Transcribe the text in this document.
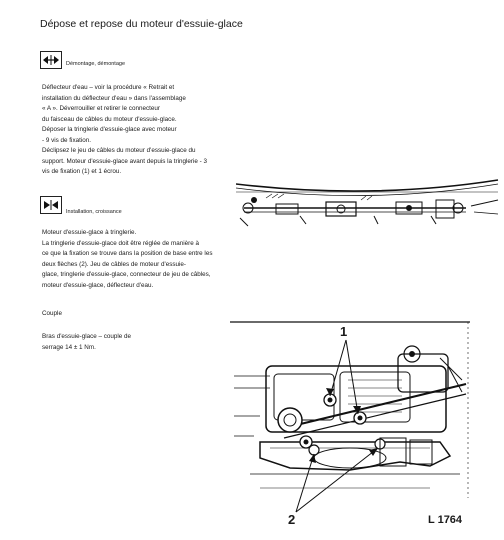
Dépose et repose du moteur d'essuie-glace
Démontage, démontage
Déflecteur d'eau – voir la procédure « Retrait et
installation du déflecteur d'eau » dans l'assemblage
« A ». Déverrouiller et retirer le connecteur
du faisceau de câbles du moteur d'essuie-glace.
Déposer la tringlerie d'essuie-glace avec moteur
- 9 vis de fixation.
Déclipsez le jeu de câbles du moteur d'essuie-glace du
support. Moteur d'essuie-glace avant depuis la tringlerie - 3
vis de fixation (1) et 1 écrou.
Installation, croissance
Moteur d'essuie-glace à tringlerie.
La tringlerie d'essuie-glace doit être réglée de manière à
ce que la fixation se trouve dans la position de base entre les
deux flèches (2). Jeu de câbles de moteur d'essuie-
glace, tringlerie d'essuie-glace, connecteur de jeu de câbles,
moteur d'essuie-glace, déflecteur d'eau.
Couple
Bras d'essuie-glace – couple de
serrage 14 ± 1 Nm.
1
2	L 1764
